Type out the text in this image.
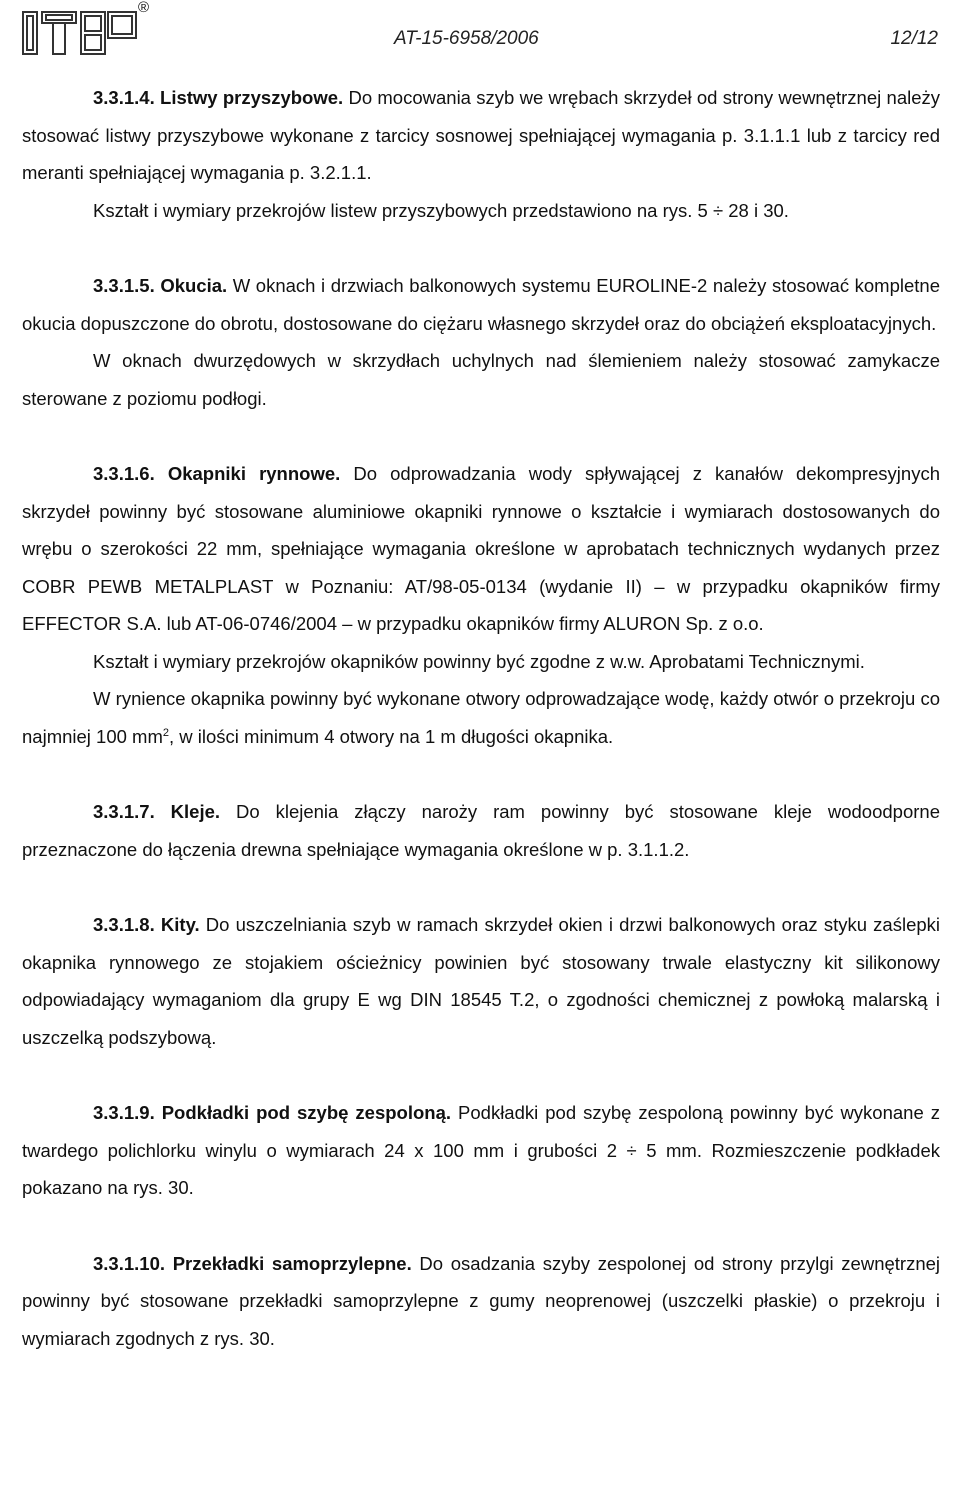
®
AT-15-6958/2006	12/12

3.3.1.4. Listwy przyszybowe. Do mocowania szyb we wrębach skrzydeł od strony wewnętrznej należy stosować listwy przyszybowe wykonane z tarcicy sosnowej spełniającej wymagania p. 3.1.1.1 lub z tarcicy red meranti spełniającej wymagania p. 3.2.1.1.

Kształt i wymiary przekrojów listew przyszybowych przedstawiono na rys. 5 ÷ 28 i 30.

3.3.1.5. Okucia. W oknach i drzwiach balkonowych systemu EUROLINE-2 należy stosować kompletne okucia dopuszczone do obrotu, dostosowane do ciężaru własnego skrzydeł oraz do obciążeń eksploatacyjnych.

W oknach dwurzędowych w skrzydłach uchylnych nad ślemieniem należy stosować zamykacze sterowane z poziomu podłogi.

3.3.1.6. Okapniki rynnowe. Do odprowadzania wody spływającej z kanałów dekompresyjnych skrzydeł powinny być stosowane aluminiowe okapniki rynnowe o kształcie i wymiarach dostosowanych do wrębu o szerokości 22 mm, spełniające wymagania określone w aprobatach technicznych wydanych przez COBR PEWB METALPLAST w Poznaniu: AT/98-05-0134 (wydanie II) – w przypadku okapników firmy EFFECTOR S.A. lub AT-06-0746/2004 – w przypadku okapników firmy ALURON Sp. z o.o.

Kształt i wymiary przekrojów okapników powinny być zgodne z w.w. Aprobatami Technicznymi.

W rynience okapnika powinny być wykonane otwory odprowadzające wodę, każdy otwór o przekroju co najmniej 100 $mm^2$, w ilości minimum 4 otwory na 1 m długości okapnika.

3.3.1.7. Kleje. Do klejenia złączy naroży ram powinny być stosowane kleje wodoodporne przeznaczone do łączenia drewna spełniające wymagania określone w p. 3.1.1.2.

3.3.1.8. Kity. Do uszczelniania szyb w ramach skrzydeł okien i drzwi balkonowych oraz styku zaślepki okapnika rynnowego ze stojakiem ościeżnicy powinien być stosowany trwale elastyczny kit silikonowy odpowiadający wymaganiom dla grupy E wg DIN 18545 T.2, o zgodności chemicznej z powłoką malarską i uszczelką podszybową.

3.3.1.9. Podkładki pod szybę zespoloną. Podkładki pod szybę zespoloną powinny być wykonane z twardego polichlorku winylu o wymiarach 24 x 100 mm i grubości 2 ÷ 5 mm. Rozmieszczenie podkładek pokazano na rys. 30.

3.3.1.10. Przekładki samoprzylepne. Do osadzania szyby zespolonej od strony przylgi zewnętrznej powinny być stosowane przekładki samoprzylepne z gumy neoprenowej (uszczelki płaskie) o przekroju i wymiarach zgodnych z rys. 30.
